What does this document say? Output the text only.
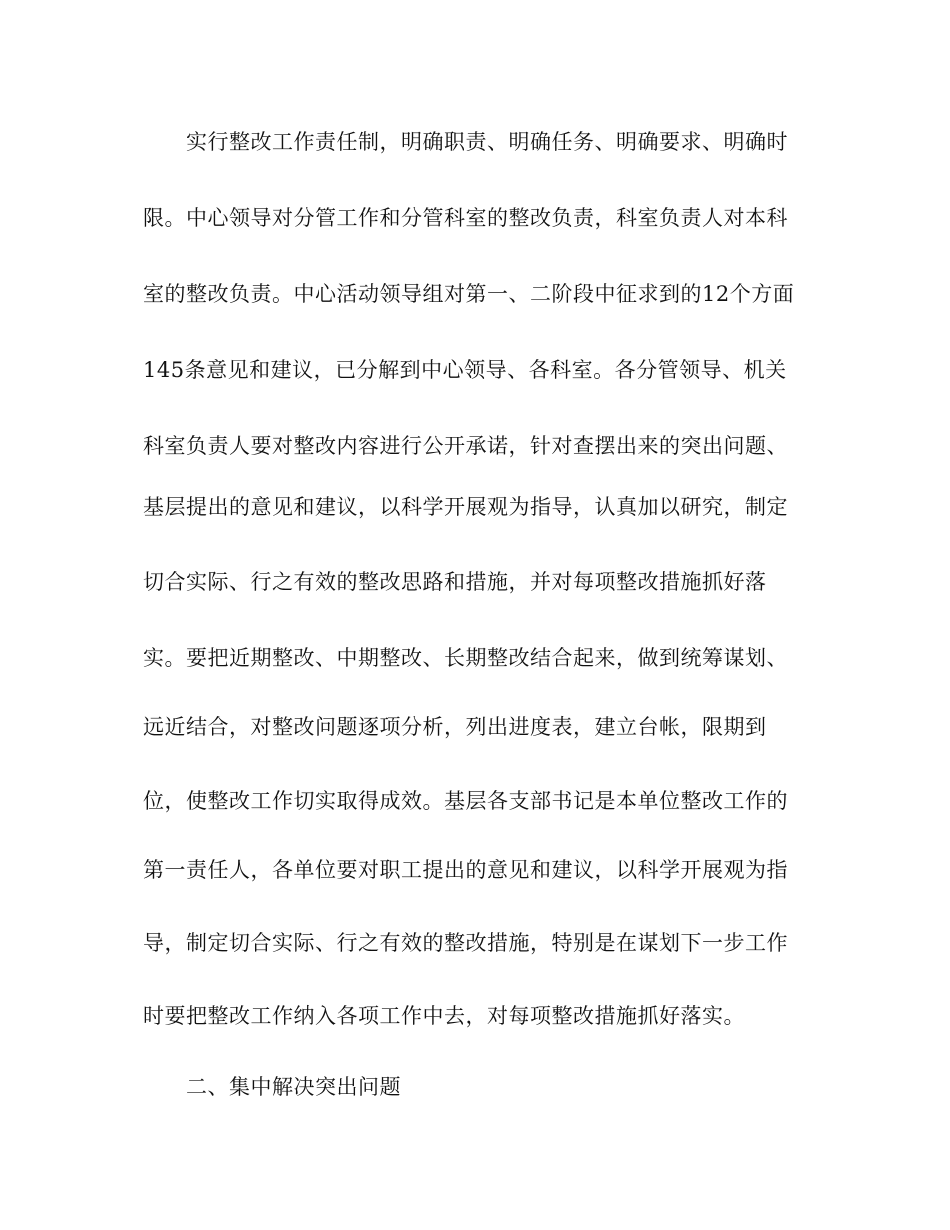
实行整改工作责任制，明确职责、明确任务、明确要求、明确时
限。中心领导对分管工作和分管科室的整改负责，科室负责人对本科
室的整改负责。中心活动领导组对第一、二阶段中征求到的12个方面
145条意见和建议，已分解到中心领导、各科室。各分管领导、机关
科室负责人要对整改内容进行公开承诺，针对查摆出来的突出问题、
基层提出的意见和建议，以科学开展观为指导，认真加以研究，制定
切合实际、行之有效的整改思路和措施，并对每项整改措施抓好落
实。要把近期整改、中期整改、长期整改结合起来，做到统筹谋划、
远近结合，对整改问题逐项分析，列出进度表，建立台帐，限期到
位，使整改工作切实取得成效。基层各支部书记是本单位整改工作的
第一责任人，各单位要对职工提出的意见和建议，以科学开展观为指
导，制定切合实际、行之有效的整改措施，特别是在谋划下一步工作
时要把整改工作纳入各项工作中去，对每项整改措施抓好落实。
二、集中解决突出问题
